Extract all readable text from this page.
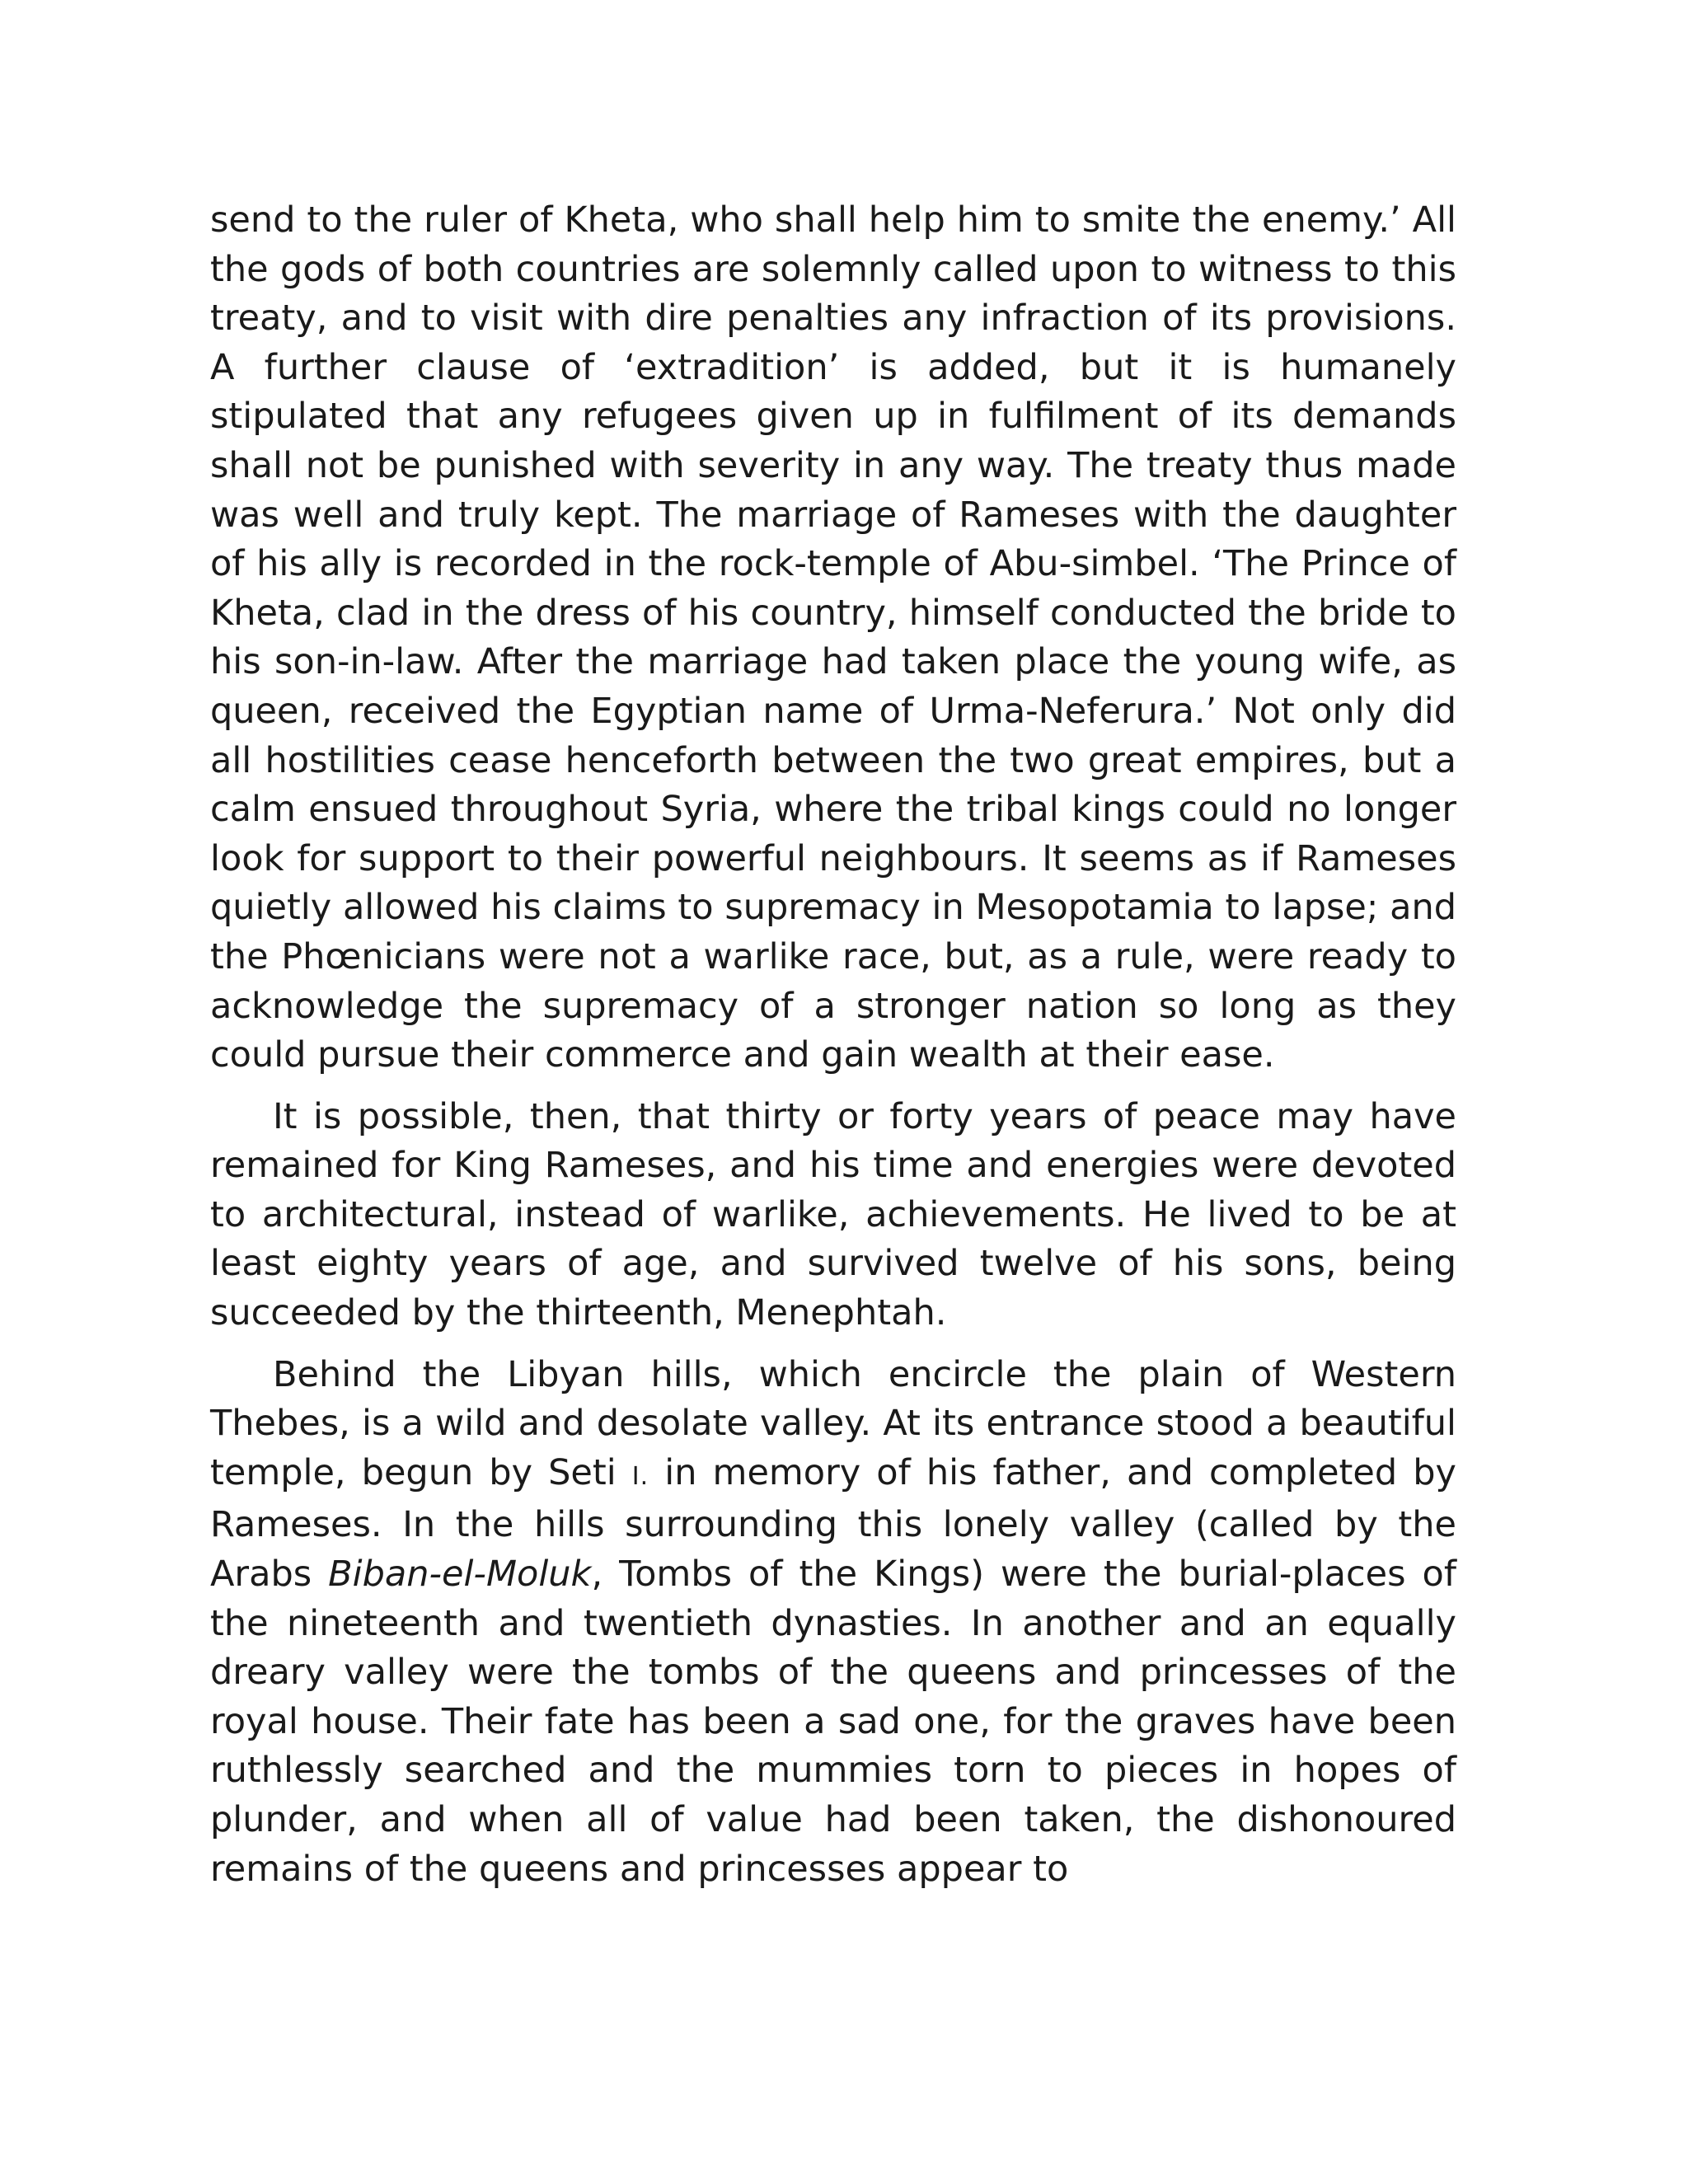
send to the ruler of Kheta, who shall help him to smite the enemy.’ All the gods of both countries are solemnly called upon to witness to this treaty, and to visit with dire penalties any infraction of its provisions. A further clause of ‘extradition’ is added, but it is humanely stipulated that any refugees given up in fulfilment of its demands shall not be punished with severity in any way. The treaty thus made was well and truly kept. The marriage of Rameses with the daughter of his ally is recorded in the rock-temple of Abu-simbel. ‘The Prince of Kheta, clad in the dress of his country, himself conducted the bride to his son-in-law. After the marriage had taken place the young wife, as queen, received the Egyptian name of Urma-Neferura.’ Not only did all hostilities cease henceforth between the two great empires, but a calm ensued throughout Syria, where the tribal kings could no longer look for support to their powerful neighbours. It seems as if Rameses quietly allowed his claims to supremacy in Mesopotamia to lapse; and the Phœnicians were not a warlike race, but, as a rule, were ready to acknowledge the supremacy of a stronger nation so long as they could pursue their commerce and gain wealth at their ease.

It is possible, then, that thirty or forty years of peace may have remained for King Rameses, and his time and energies were devoted to architectural, instead of warlike, achievements. He lived to be at least eighty years of age, and survived twelve of his sons, being succeeded by the thirteenth, Menephtah.

Behind the Libyan hills, which encircle the plain of Western Thebes, is a wild and desolate valley. At its entrance stood a beautiful temple, begun by Seti I. in memory of his father, and completed by Rameses. In the hills surrounding this lonely valley (called by the Arabs Biban-el-Moluk, Tombs of the Kings) were the burial-places of the nineteenth and twentieth dynasties. In another and an equally dreary valley were the tombs of the queens and princesses of the royal house. Their fate has been a sad one, for the graves have been ruthlessly searched and the mummies torn to pieces in hopes of plunder, and when all of value had been taken, the dishonoured remains of the queens and princesses appear to
